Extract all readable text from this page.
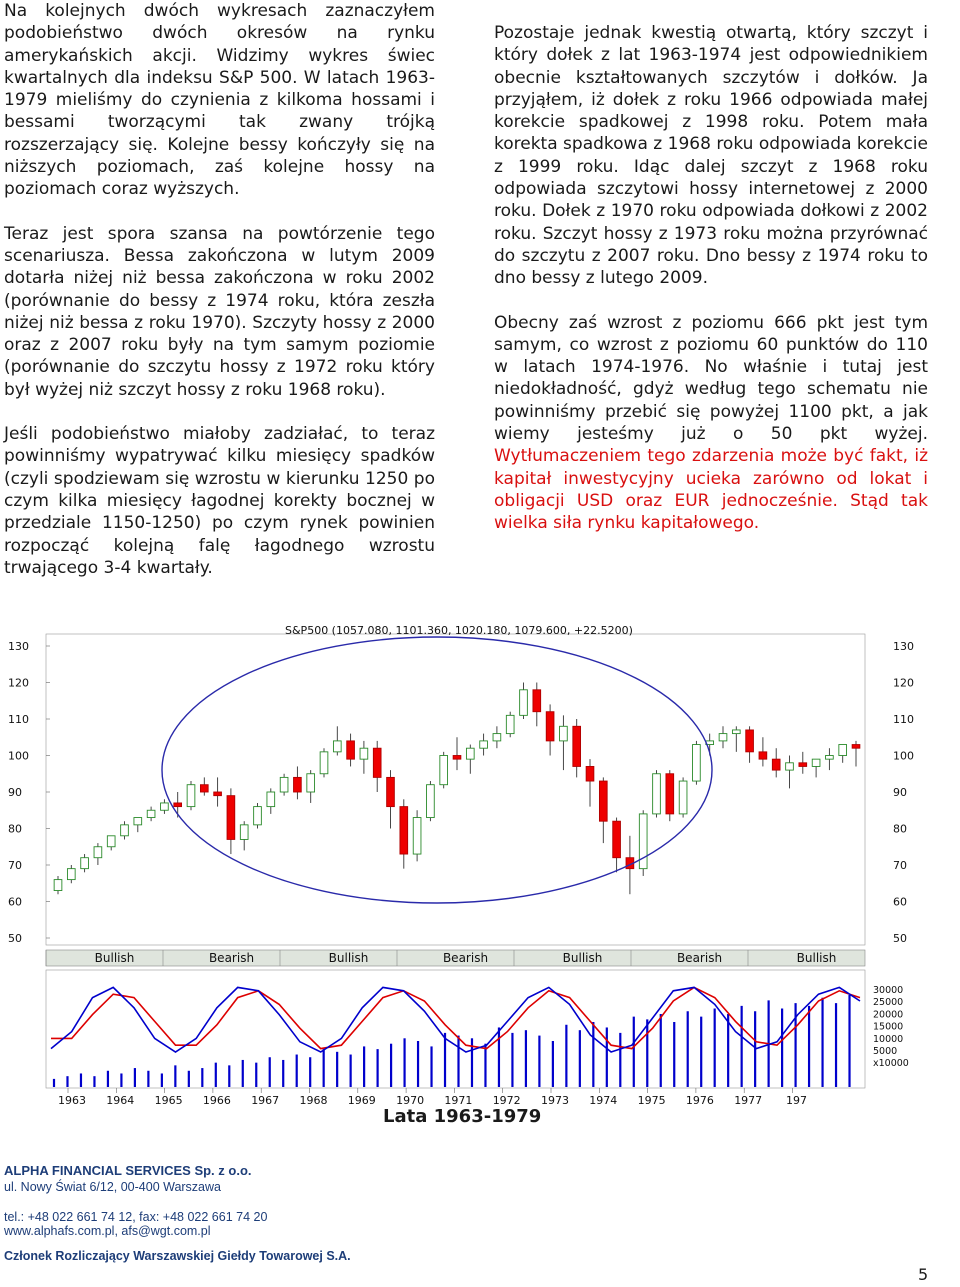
Na kolejnych dwóch wykresach zaznaczyłem podobieństwo dwóch okresów na rynku amerykańskich akcji. Widzimy wykres świec kwartalnych dla indeksu S&P 500. W latach 1963-1979 mieliśmy do czynienia z kilkoma hossami i bessami tworzącymi tak zwany trójką rozszerzający się. Kolejne bessy kończyły się na niższych poziomach, zaś kolejne hossy na poziomach coraz wyższych.

Teraz jest spora szansa na powtórzenie tego scenariusza. Bessa zakończona w lutym 2009 dotarła niżej niż bessa zakończona w roku 2002 (porównanie do bessy z 1974 roku, która zeszła niżej niż bessa z roku 1970). Szczyty hossy z 2000 oraz z 2007 roku były na tym samym poziomie (porównanie do szczytu hossy z 1972 roku który był wyżej niż szczyt hossy z roku 1968 roku).

Jeśli podobieństwo miałoby zadziałać, to teraz powinniśmy wypatrywać kilku miesięcy spadków (czyli spodziewam się wzrostu w kierunku 1250 po czym kilka miesięcy łagodnej korekty bocznej w przedziale 1150-1250) po czym rynek powinien rozpocząć kolejną falę łagodnego wzrostu trwającego 3-4 kwartały.

Pozostaje jednak kwestią otwartą, który szczyt i który dołek z lat 1963-1974 jest odpowiednikiem obecnie kształtowanych szczytów i dołków. Ja przyjąłem, iż dołek z roku 1966 odpowiada małej korekcie spadkowej z 1998 roku. Potem mała korekta spadkowa z 1968 roku odpowiada korekcie z 1999 roku. Idąc dalej szczyt z 1968 roku odpowiada szczytowi hossy internetowej z 2000 roku. Dołek z 1970 roku odpowiada dołkowi z 2002 roku. Szczyt hossy z 1973 roku można przyrównać do szczytu z 2007 roku. Dno bessy z 1974 roku to dno bessy z lutego 2009.

Obecny zaś wzrost z poziomu 666 pkt jest tym samym, co wzrost z poziomu 60 punktów do 110 w latach 1974-1976. No właśnie i tutaj jest niedokładność, gdyż według tego schematu nie powinniśmy przebić się powyżej 1100 pkt, a jak wiemy jesteśmy już o 50 pkt wyżej. Wytłumaczeniem tego zdarzenia może być fakt, iż kapitał inwestycyjny ucieka zarówno od lokat i obligacji USD oraz EUR jednocześnie. Stąd tak wielka siła rynku kapitałowego.

S&P500 (1057.080, 1101.360, 1020.180, 1079.600, +22.5200)
130	130
120	120
110	110
100	100
90	90
80	80
70	70
60	60
50	50
Bullish	Bearish	Bullish	Bearish	Bullish	Bearish	Bullish
30000
25000
20000
15000
10000
5000
x10000
1963 1964 1965 1966 1967 1968 1969 1970 1971 1972 1973 1974 1975 1976 1977 197
Lata 1963-1979
ALPHA FINANCIAL SERVICES Sp. z o.o.
ul. Nowy Świat 6/12, 00-400 Warszawa
tel.: +48 022 661 74 12, fax: +48 022 661 74 20
www.alphafs.com.pl, afs@wgt.com.pl
Członek Rozliczający Warszawskiej Giełdy Towarowej S.A.
5
